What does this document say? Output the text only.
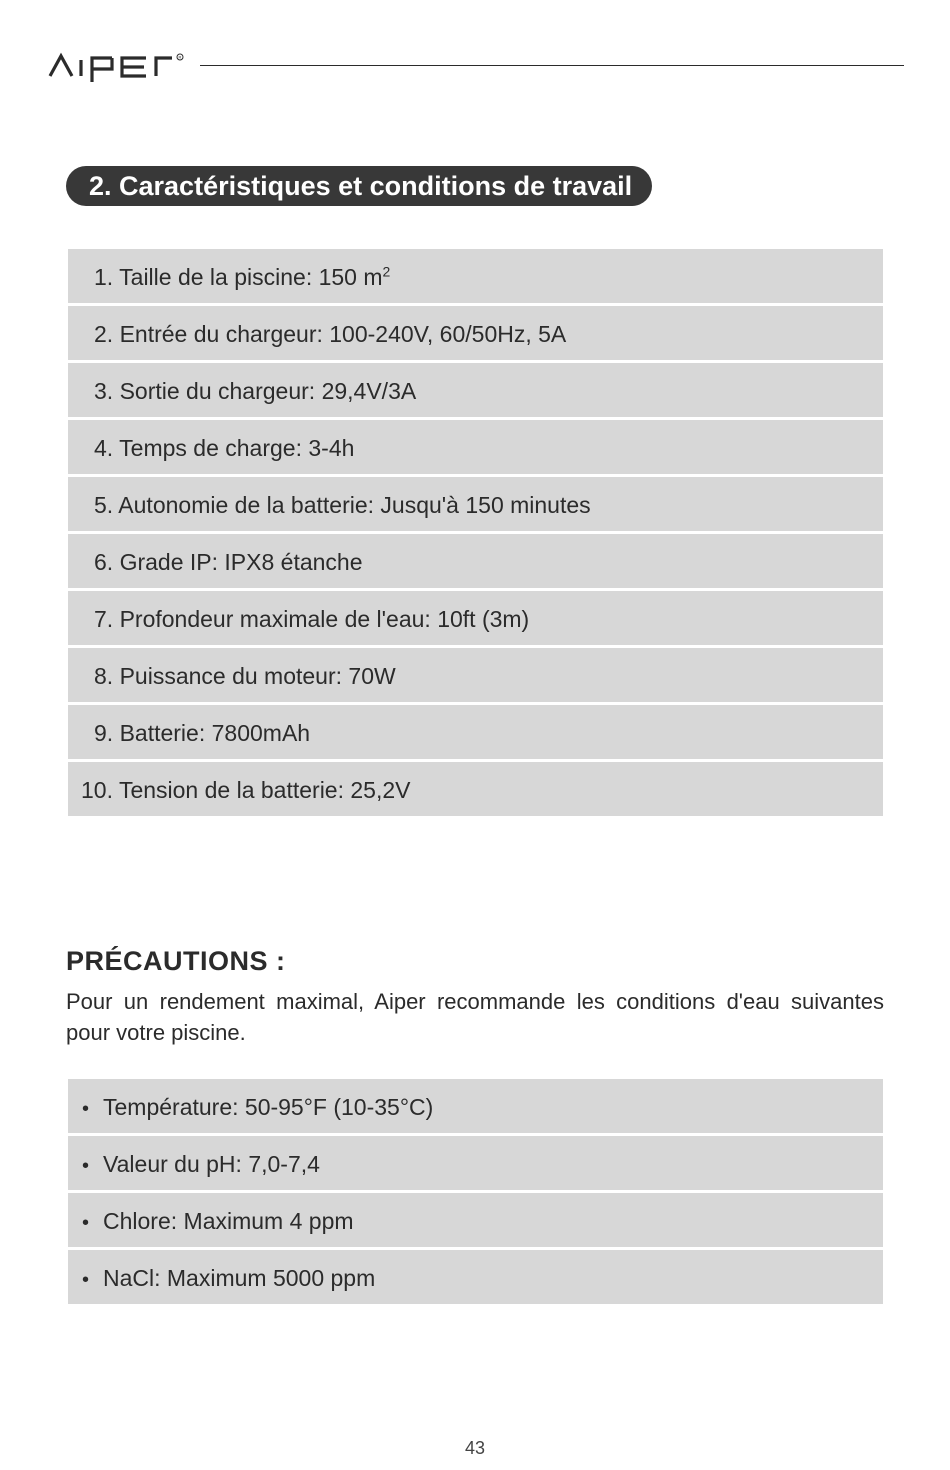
R
2. Caractéristiques et conditions de travail
1. Taille de la piscine: 150 $m^2$
2. Entrée du chargeur: 100-240V, 60/50Hz, 5A
3. Sortie du chargeur: 29,4V/3A
4. Temps de charge: 3-4h
5. Autonomie de la batterie: Jusqu'à 150 minutes
6. Grade IP: IPX8 étanche
7. Profondeur maximale de l'eau: 10ft (3m)
8. Puissance du moteur: 70W
9. Batterie: 7800mAh
10. Tension de la batterie: 25,2V
PRÉCAUTIONS :
Pour un rendement maximal, Aiper recommande les conditions d'eau suivantes pour votre piscine.
• Température: 50-95°F (10-35°C)
• Valeur du pH: 7,0-7,4
• Chlore: Maximum 4 ppm
• NaCl: Maximum 5000 ppm
43
